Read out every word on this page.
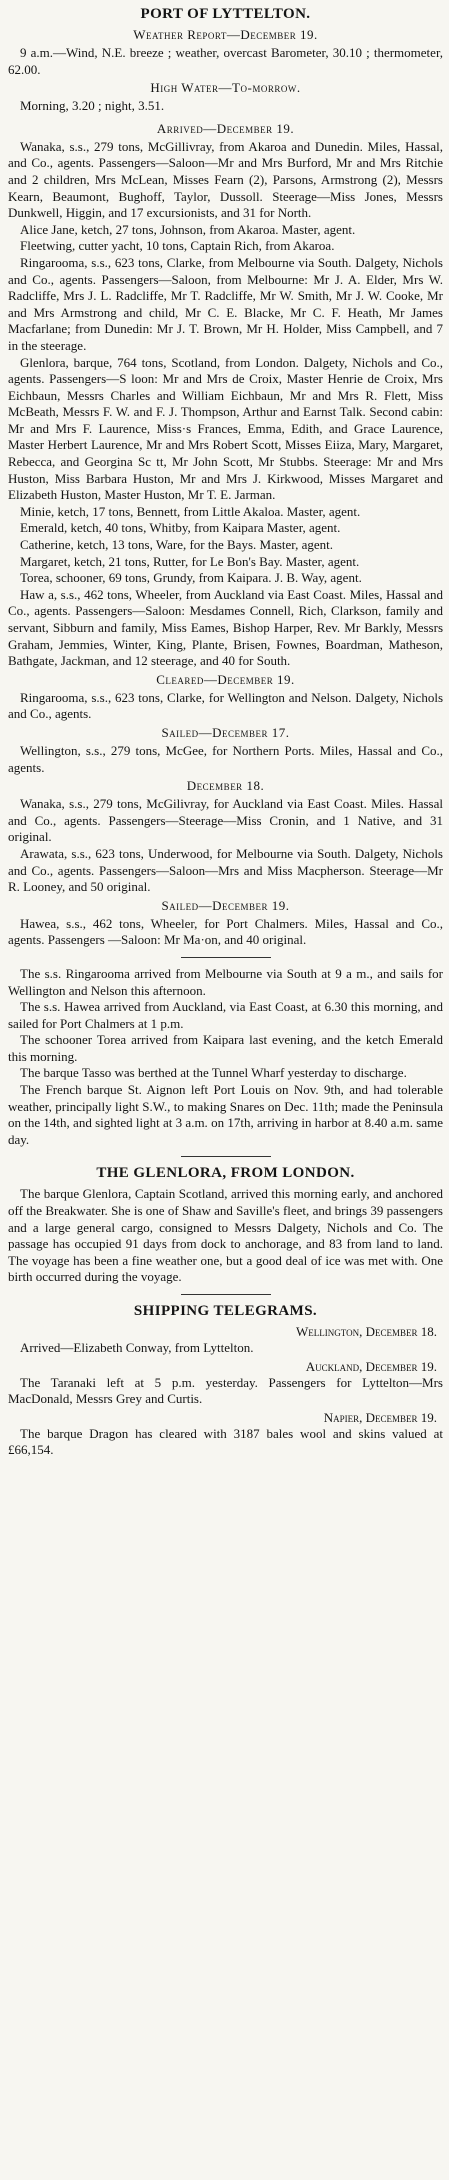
PORT OF LYTTELTON.
Weather Report—December 19.

9 a.m.—Wind, N.E. breeze ; weather, overcast Barometer, 30.10 ; thermometer, 62.00.

High Water—To-morrow.

Morning, 3.20 ; night, 3.51.

Arrived—December 19.

Wanaka, s.s., 279 tons, McGillivray, from Akaroa and Dunedin. Miles, Hassal, and Co., agents. Passengers—Saloon—Mr and Mrs Burford, Mr and Mrs Ritchie and 2 children, Mrs McLean, Misses Fearn (2), Parsons, Armstrong (2), Messrs Kearn, Beaumont, Bughoff, Taylor, Dussoll. Steerage—Miss Jones, Messrs Dunkwell, Higgin, and 17 excursionists, and 31 for North.

Alice Jane, ketch, 27 tons, Johnson, from Akaroa. Master, agent.

Fleetwing, cutter yacht, 10 tons, Captain Rich, from Akaroa.

Ringarooma, s.s., 623 tons, Clarke, from Melbourne via South. Dalgety, Nichols and Co., agents. Passengers—Saloon, from Melbourne: Mr J. A. Elder, Mrs W. Radcliffe, Mrs J. L. Radcliffe, Mr T. Radcliffe, Mr W. Smith, Mr J. W. Cooke, Mr and Mrs Armstrong and child, Mr C. E. Blacke, Mr C. F. Heath, Mr James Macfarlane; from Dunedin: Mr J. T. Brown, Mr H. Holder, Miss Campbell, and 7 in the steerage.

Glenlora, barque, 764 tons, Scotland, from London. Dalgety, Nichols and Co., agents. Passengers—S loon: Mr and Mrs de Croix, Master Henrie de Croix, Mrs Eichbaun, Messrs Charles and William Eichbaun, Mr and Mrs R. Flett, Miss McBeath, Messrs F. W. and F. J. Thompson, Arthur and Earnst Talk. Second cabin: Mr and Mrs F. Laurence, Miss·s Frances, Emma, Edith, and Grace Laurence, Master Herbert Laurence, Mr and Mrs Robert Scott, Misses Eiiza, Mary, Margaret, Rebecca, and Georgina Sc tt, Mr John Scott, Mr Stubbs. Steerage: Mr and Mrs Huston, Miss Barbara Huston, Mr and Mrs J. Kirkwood, Misses Margaret and Elizabeth Huston, Master Huston, Mr T. E. Jarman.

Minie, ketch, 17 tons, Bennett, from Little Akaloa. Master, agent.

Emerald, ketch, 40 tons, Whitby, from Kaipara Master, agent.

Catherine, ketch, 13 tons, Ware, for the Bays. Master, agent.

Margaret, ketch, 21 tons, Rutter, for Le Bon's Bay. Master, agent.

Torea, schooner, 69 tons, Grundy, from Kaipara. J. B. Way, agent.

Haw a, s.s., 462 tons, Wheeler, from Auckland via East Coast. Miles, Hassal and Co., agents. Passengers—Saloon: Mesdames Connell, Rich, Clarkson, family and servant, Sibburn and family, Miss Eames, Bishop Harper, Rev. Mr Barkly, Messrs Graham, Jemmies, Winter, King, Plante, Brisen, Fownes, Boardman, Matheson, Bathgate, Jackman, and 12 steerage, and 40 for South.

Cleared—December 19.

Ringarooma, s.s., 623 tons, Clarke, for Wellington and Nelson. Dalgety, Nichols and Co., agents.

Sailed—December 17.

Wellington, s.s., 279 tons, McGee, for Northern Ports. Miles, Hassal and Co., agents.

December 18.

Wanaka, s.s., 279 tons, McGilivray, for Auckland via East Coast. Miles. Hassal and Co., agents. Passengers—Steerage—Miss Cronin, and 1 Native, and 31 original.

Arawata, s.s., 623 tons, Underwood, for Melbourne via South. Dalgety, Nichols and Co., agents. Passengers—Saloon—Mrs and Miss Macpherson. Steerage—Mr R. Looney, and 50 original.

Sailed—December 19.

Hawea, s.s., 462 tons, Wheeler, for Port Chalmers. Miles, Hassal and Co., agents. Passengers —Saloon: Mr Ma·on, and 40 original.

The s.s. Ringarooma arrived from Melbourne via South at 9 a m., and sails for Wellington and Nelson this afternoon.

The s.s. Hawea arrived from Auckland, via East Coast, at 6.30 this morning, and sailed for Port Chalmers at 1 p.m.

The schooner Torea arrived from Kaipara last evening, and the ketch Emerald this morning.

The barque Tasso was berthed at the Tunnel Wharf yesterday to discharge.

The French barque St. Aignon left Port Louis on Nov. 9th, and had tolerable weather, principally light S.W., to making Snares on Dec. 11th; made the Peninsula on the 14th, and sighted light at 3 a.m. on 17th, arriving in harbor at 8.40 a.m. same day.

THE GLENLORA, FROM LONDON.

The barque Glenlora, Captain Scotland, arrived this morning early, and anchored off the Breakwater. She is one of Shaw and Saville's fleet, and brings 39 passengers and a large general cargo, consigned to Messrs Dalgety, Nichols and Co. The passage has occupied 91 days from dock to anchorage, and 83 from land to land. The voyage has been a fine weather one, but a good deal of ice was met with. One birth occurred during the voyage.

SHIPPING TELEGRAMS.
Wellington, December 18.

Arrived—Elizabeth Conway, from Lyttelton.

Auckland, December 19.

The Taranaki left at 5 p.m. yesterday. Passengers for Lyttelton—Mrs MacDonald, Messrs Grey and Curtis.

Napier, December 19.

The barque Dragon has cleared with 3187 bales wool and skins valued at £66,154.
